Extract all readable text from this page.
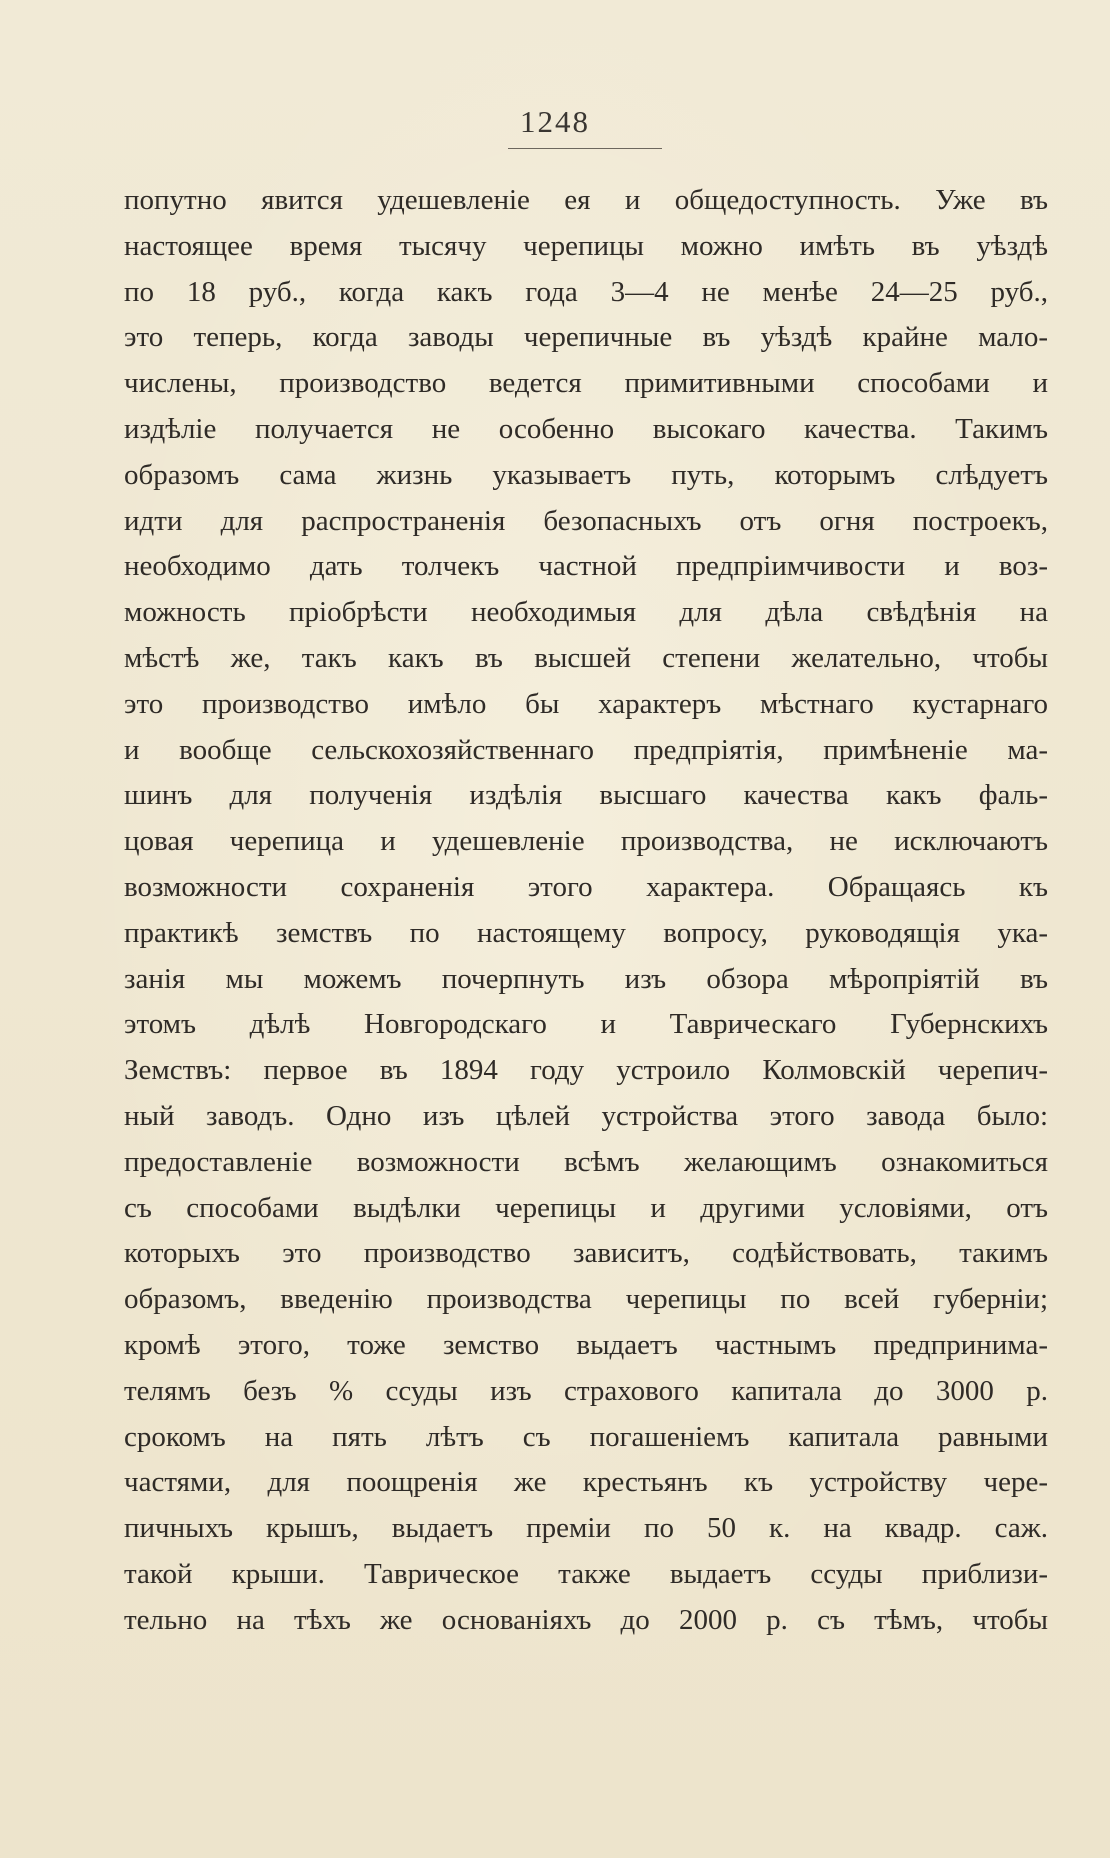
1248
попутно явится удешевленіе ея и общедоступность. Уже въ
настоящее время тысячу черепицы можно имѣть въ уѣздѣ
по 18 руб., когда какъ года 3—4 не менѣе 24—25 руб.,
это теперь, когда заводы черепичные въ уѣздѣ крайне мало-
числены, производство ведется примитивными способами и
издѣліе получается не особенно высокаго качества. Такимъ
образомъ сама жизнь указываетъ путь, которымъ слѣдуетъ
идти для распространенія безопасныхъ отъ огня построекъ,
необходимо дать толчекъ частной предпріимчивости и воз-
можность пріобрѣсти необходимыя для дѣла свѣдѣнія на
мѣстѣ же, такъ какъ въ высшей степени желательно, чтобы
это производство имѣло бы характеръ мѣстнаго кустарнаго
и вообще сельскохозяйственнаго предпріятія, примѣненіе ма-
шинъ для полученія издѣлія высшаго качества какъ фаль-
цовая черепица и удешевленіе производства, не исключаютъ
возможности сохраненія этого характера. Обращаясь къ
практикѣ земствъ по настоящему вопросу, руководящія ука-
занія мы можемъ почерпнуть изъ обзора мѣропріятій въ
этомъ дѣлѣ Новгородскаго и Таврическаго Губернскихъ
Земствъ: первое въ 1894 году устроило Колмовскій черепич-
ный заводъ. Одно изъ цѣлей устройства этого завода было:
предоставленіе возможности всѣмъ желающимъ ознакомиться
съ способами выдѣлки черепицы и другими условіями, отъ
которыхъ это производство зависитъ, содѣйствовать, такимъ
образомъ, введенію производства черепицы по всей губерніи;
кромѣ этого, тоже земство выдаетъ частнымъ предпринима-
телямъ безъ % ссуды изъ страхового капитала до 3000 р.
срокомъ на пять лѣтъ съ погашеніемъ капитала равными
частями, для поощренія же крестьянъ къ устройству чере-
пичныхъ крышъ, выдаетъ преміи по 50 к. на квадр. саж.
такой крыши. Таврическое также выдаетъ ссуды приблизи-
тельно на тѣхъ же основаніяхъ до 2000 р. съ тѣмъ, чтобы
